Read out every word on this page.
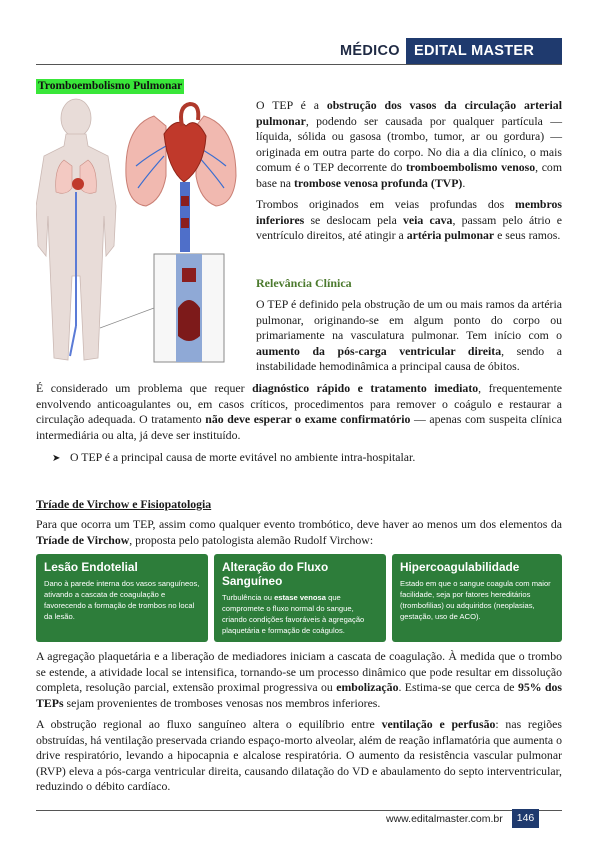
MÉDICO EDITAL MASTER
Tromboembolismo Pulmonar
O TEP é a obstrução dos vasos da circulação arterial pulmonar, podendo ser causada por qualquer partícula — líquida, sólida ou gasosa (trombo, tumor, ar ou gordura) — originada em outra parte do corpo. No dia a dia clínico, o mais comum é o TEP decorrente do tromboembolismo venoso, com base na trombose venosa profunda (TVP).
Trombos originados em veias profundas dos membros inferiores se deslocam pela veia cava, passam pelo átrio e ventrículo direitos, até atingir a artéria pulmonar e seus ramos.
Relevância Clínica
O TEP é definido pela obstrução de um ou mais ramos da artéria pulmonar, originando-se em algum ponto do corpo ou primariamente na vasculatura pulmonar. Tem início com o aumento da pós-carga ventricular direita, sendo a instabilidade hemodinâmica a principal causa de óbitos.
É considerado um problema que requer diagnóstico rápido e tratamento imediato, frequentemente envolvendo anticoagulantes ou, em casos críticos, procedimentos para remover o coágulo e restaurar a circulação adequada. O tratamento não deve esperar o exame confirmatório — apenas com suspeita clínica intermediária ou alta, já deve ser instituído.
➤ O TEP é a principal causa de morte evitável no ambiente intra-hospitalar.
Tríade de Virchow e Fisiopatologia
Para que ocorra um TEP, assim como qualquer evento trombótico, deve haver ao menos um dos elementos da Tríade de Virchow, proposta pelo patologista alemão Rudolf Virchow:
Lesão Endotelial
Dano à parede interna dos vasos sanguíneos, ativando a cascata de coagulação e favorecendo a formação de trombos no local da lesão.
Alteração do Fluxo Sanguíneo
Turbulência ou estase venosa que compromete o fluxo normal do sangue, criando condições favoráveis à agregação plaquetária e formação de coágulos.
Hipercoagulabilidade
Estado em que o sangue coagula com maior facilidade, seja por fatores hereditários (trombofilias) ou adquiridos (neoplasias, gestação, uso de ACO).
A agregação plaquetária e a liberação de mediadores iniciam a cascata de coagulação. À medida que o trombo se estende, a atividade local se intensifica, tornando-se um processo dinâmico que pode resultar em dissolução completa, resolução parcial, extensão proximal progressiva ou embolização. Estima-se que cerca de 95% dos TEPs sejam provenientes de tromboses venosas nos membros inferiores.
A obstrução regional ao fluxo sanguíneo altera o equilíbrio entre ventilação e perfusão: nas regiões obstruídas, há ventilação preservada criando espaço-morto alveolar, além de reação inflamatória que aumenta o drive respiratório, levando a hipocapnia e alcalose respiratória. O aumento da resistência vascular pulmonar (RVP) eleva a pós-carga ventricular direita, causando dilatação do VD e abaulamento do septo interventricular, reduzindo o débito cardíaco.
www.editalmaster.com.br	146
